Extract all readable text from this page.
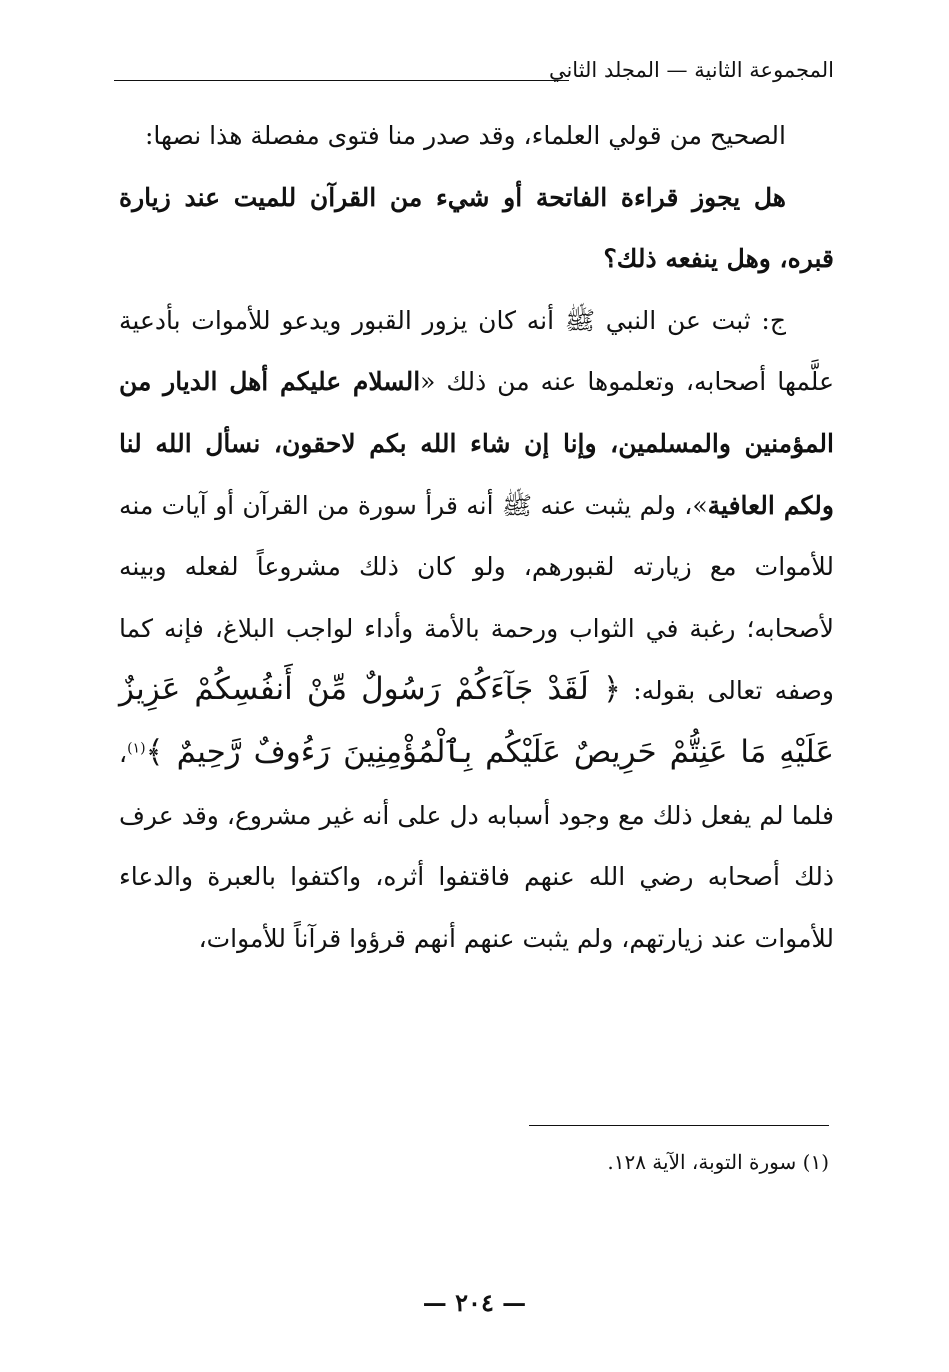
المجموعة الثانية — المجلد الثاني

الصحيح من قولي العلماء، وقد صدر منا فتوى مفصلة هذا نصها:

هل يجوز قراءة الفاتحة أو شيء من القرآن للميت عند زيارة قبره، وهل ينفعه ذلك؟

ج: ثبت عن النبي ﷺ أنه كان يزور القبور ويدعو للأموات بأدعية علَّمها أصحابه، وتعلموها عنه من ذلك «السلام عليكم أهل الديار من المؤمنين والمسلمين، وإنا إن شاء الله بكم لاحقون، نسأل الله لنا ولكم العافية»، ولم يثبت عنه ﷺ أنه قرأ سورة من القرآن أو آيات منه للأموات مع زيارته لقبورهم، ولو كان ذلك مشروعاً لفعله وبينه لأصحابه؛ رغبة في الثواب ورحمة بالأمة وأداء لواجب البلاغ، فإنه كما وصفه تعالى بقوله: ﴿ لَقَدْ جَآءَكُمْ رَسُولٌ مِّنْ أَنفُسِكُمْ عَزِيزٌ عَلَيْهِ مَا عَنِتُّمْ حَرِيصٌ عَلَيْكُم بِٱلْمُؤْمِنِينَ رَءُوفٌ رَّحِيمٌ ﴾$^{(١)}$، فلما لم يفعل ذلك مع وجود أسبابه دل على أنه غير مشروع، وقد عرف ذلك أصحابه رضي الله عنهم فاقتفوا أثره، واكتفوا بالعبرة والدعاء للأموات عند زيارتهم، ولم يثبت عنهم أنهم قرؤوا قرآناً للأموات،

(١) سورة التوبة، الآية ١٢٨.
— ٢٠٤ —
